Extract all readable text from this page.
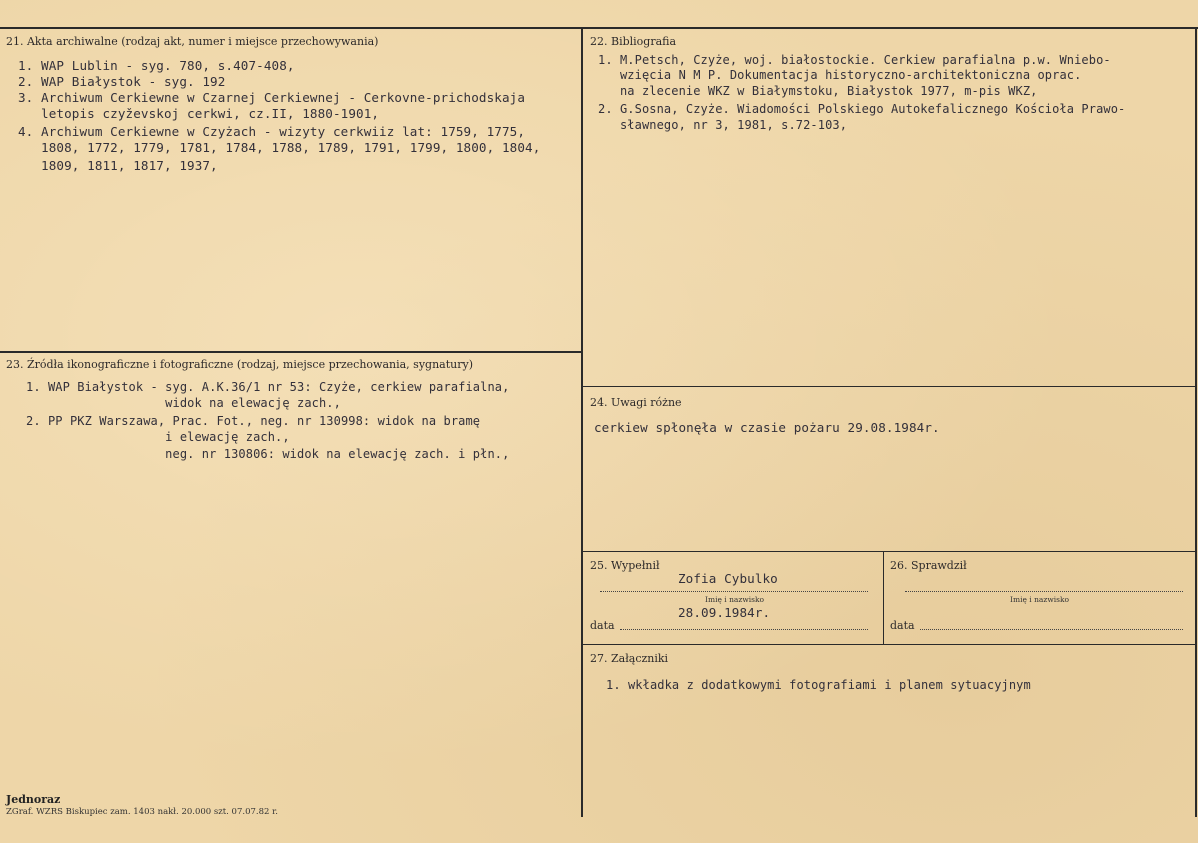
21. Akta archiwalne (rodzaj akt, numer i miejsce przechowywania)
1. WAP Lublin - syg. 780, s.407-408,
2. WAP Białystok - syg. 192
3. Archiwum Cerkiewne w Czarnej Cerkiewnej - Cerkovne-prichodskaja
letopis czyževskoj cerkwi, cz.II, 1880-1901,
4. Archiwum Cerkiewne w Czyżach - wizyty cerkwiiz lat: 1759, 1775,
1808, 1772, 1779, 1781, 1784, 1788, 1789, 1791, 1799, 1800, 1804,
1809, 1811, 1817, 1937,
22. Bibliografia
1. M.Petsch, Czyże, woj. białostockie. Cerkiew parafialna p.w. Wniebo-
wzięcia N M P. Dokumentacja historyczno-architektoniczna oprac.
na zlecenie WKZ w Białymstoku, Białystok 1977, m-pis WKZ,
2. G.Sosna, Czyże. Wiadomości Polskiego Autokefalicznego Kościoła Prawo-
sławnego, nr 3, 1981, s.72-103,
23. Źródła ikonograficzne i fotograficzne (rodzaj, miejsce przechowania, sygnatury)
1. WAP Białystok - syg. A.K.36/1 nr 53: Czyże, cerkiew parafialna,
widok na elewację zach.,
2. PP PKZ Warszawa, Prac. Fot., neg. nr 130998: widok na bramę
i elewację zach.,
neg. nr 130806: widok na elewację zach. i płn.,
24. Uwagi różne
cerkiew spłonęła w czasie pożaru 29.08.1984r.
25. Wypełnił
Zofia Cybulko
Imię i nazwisko
28.09.1984r.
data
26. Sprawdził
Imię i nazwisko
data
27. Załączniki
1. wkładka z dodatkowymi fotografiami i planem sytuacyjnym
Jednoraz
ZGraf. WZRS Biskupiec zam. 1403 nakł. 20.000 szt. 07.07.82 r.
